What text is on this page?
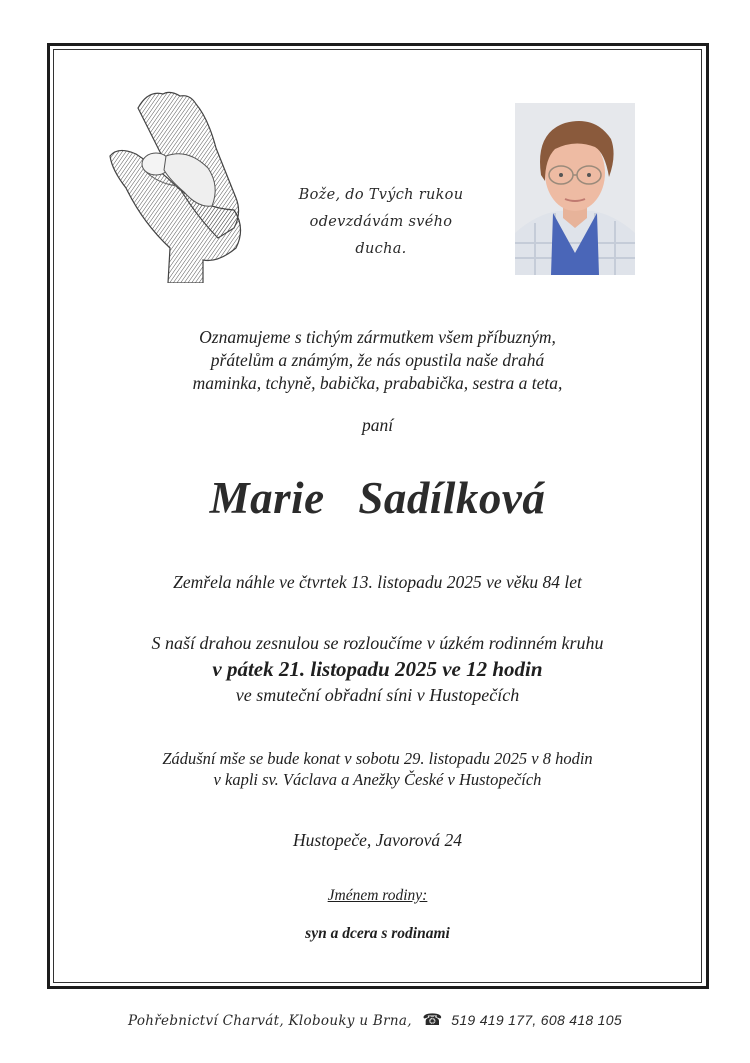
Bože, do Tvých rukou
odevzdávám svého ducha.
Oznamujeme s tichým zármutkem všem příbuzným,
přátelům a známým, že nás opustila naše drahá
maminka, tchyně, babička, prababička, sestra a teta,
paní
Marie Sadílková
Zemřela náhle ve čtvrtek 13. listopadu 2025 ve věku 84 let
S naší drahou zesnulou se rozloučíme v úzkém rodinném kruhu
v pátek 21. listopadu 2025 ve 12 hodin
ve smuteční obřadní síni v Hustopečích
Zádušní mše se bude konat v sobotu 29. listopadu 2025 v 8 hodin
v kapli sv. Václava a Anežky České v Hustopečích
Hustopeče, Javorová 24
Jménem rodiny:
syn a dcera s rodinami
Pohřebnictví Charvát, Klobouky u Brna, ☎ 519 419 177, 608 418 105
